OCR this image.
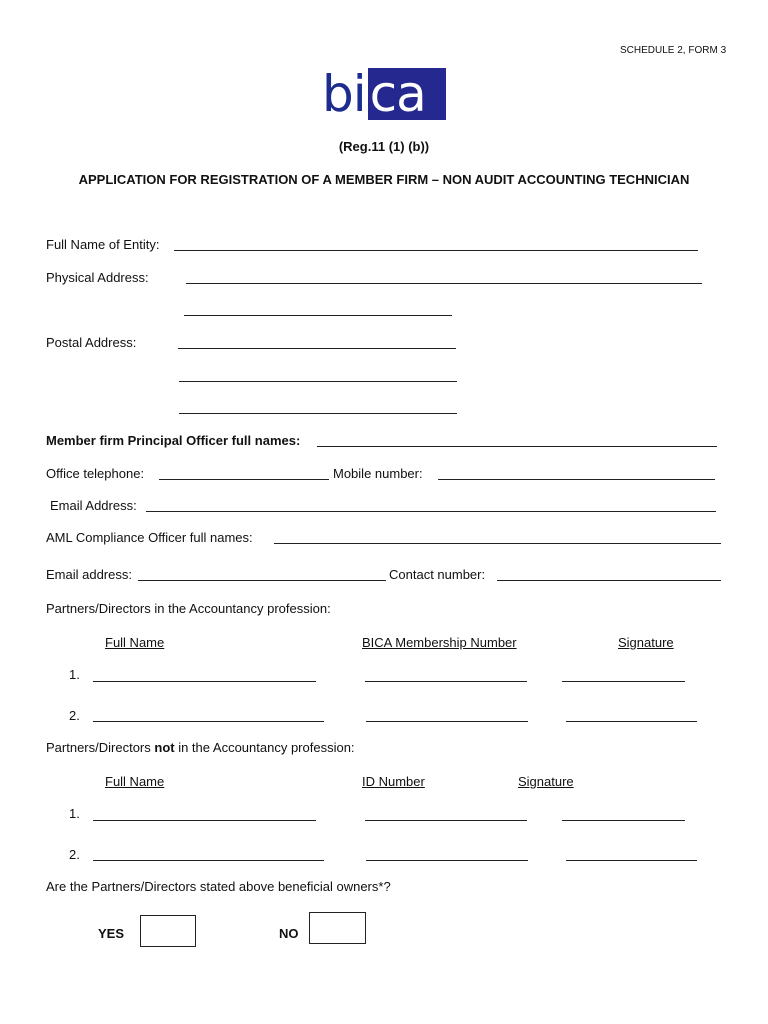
SCHEDULE 2, FORM 3
bi ca
(Reg.11 (1) (b))
APPLICATION FOR REGISTRATION OF A MEMBER FIRM – NON AUDIT ACCOUNTING TECHNICIAN
Full Name of Entity:
Physical Address:
Postal Address:
Member firm Principal Officer full names:
Office telephone:	Mobile number:
Email Address:
AML Compliance Officer full names:
Email address:	Contact number:
Partners/Directors in the Accountancy profession:
Full Name	BICA Membership Number	Signature
1.
2.
Partners/Directors not in the Accountancy profession:
Full Name	ID Number	Signature
1.
2.
Are the Partners/Directors stated above beneficial owners*?
YES	NO
